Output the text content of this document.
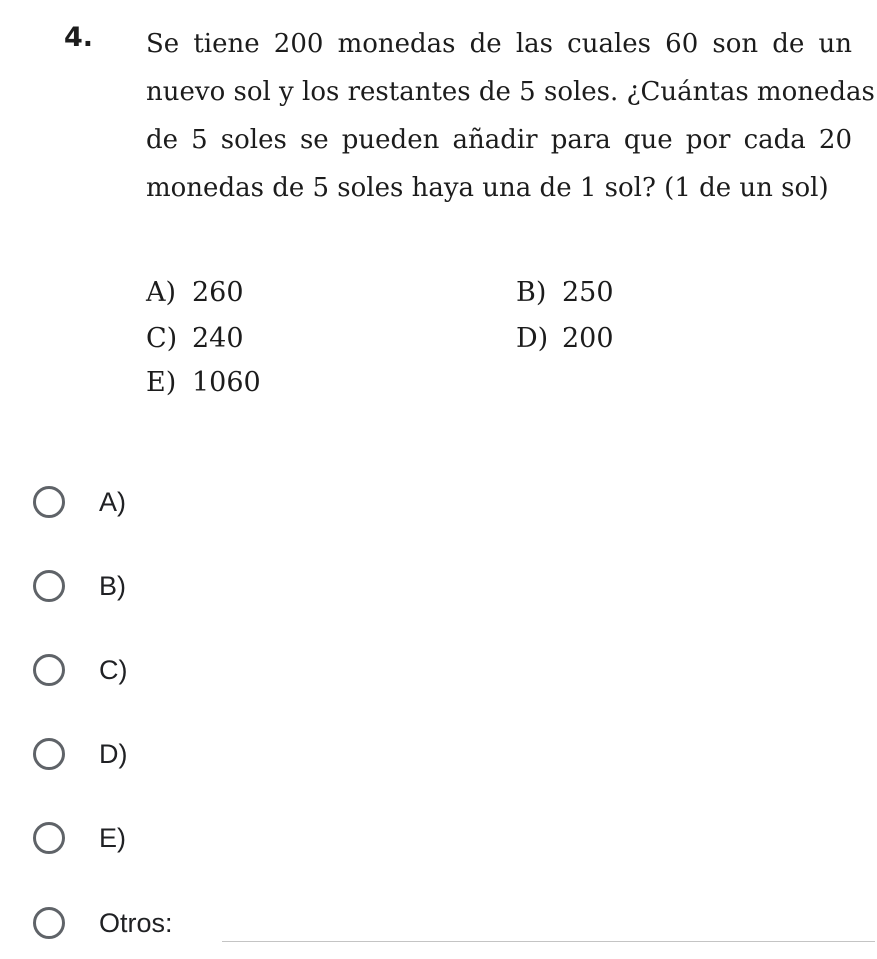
4. Se tiene 200 monedas de las cuales 60 son de un
nuevo sol y los restantes de 5 soles. ¿Cuántas monedas
de 5 soles se pueden añadir para que por cada 20
monedas de 5 soles haya una de 1 sol? (1 de un sol)

A) 260	B) 250
C) 240	D) 200
E) 1060
A)
B)
C)
D)
E)
Otros:
